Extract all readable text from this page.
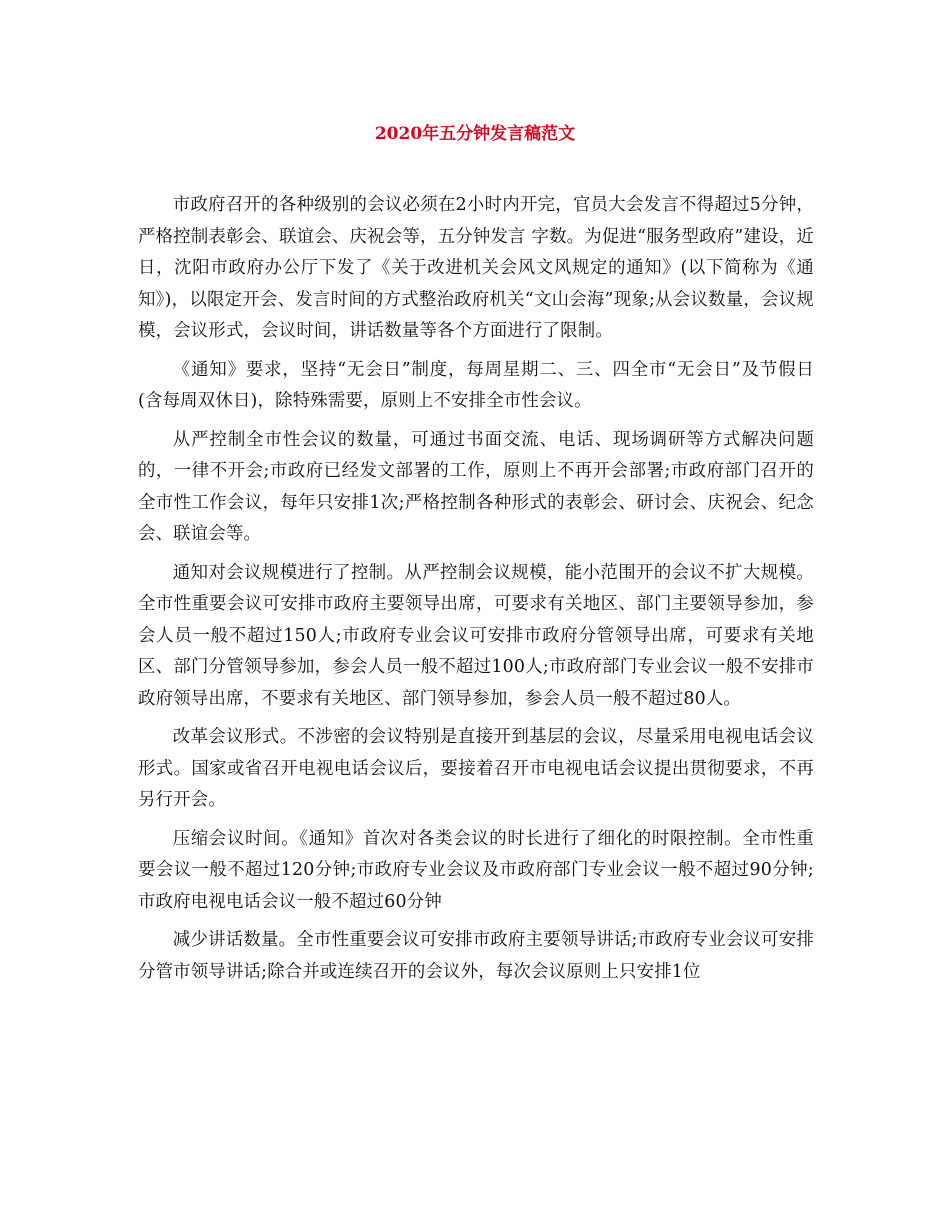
2020年五分钟发言稿范文

市政府召开的各种级别的会议必须在2小时内开完，官员大会发言不得超过5分钟，严格控制表彰会、联谊会、庆祝会等，五分钟发言 字数。为促进“服务型政府”建设，近日，沈阳市政府办公厅下发了《关于改进机关会风文风规定的通知》(以下简称为《通知》)，以限定开会、发言时间的方式整治政府机关“文山会海”现象;从会议数量，会议规模，会议形式，会议时间，讲话数量等各个方面进行了限制。

《通知》要求，坚持“无会日”制度，每周星期二、三、四全市“无会日”及节假日(含每周双休日)，除特殊需要，原则上不安排全市性会议。

从严控制全市性会议的数量，可通过书面交流、电话、现场调研等方式解决问题的，一律不开会;市政府已经发文部署的工作，原则上不再开会部署;市政府部门召开的全市性工作会议，每年只安排1次;严格控制各种形式的表彰会、研讨会、庆祝会、纪念会、联谊会等。

通知对会议规模进行了控制。从严控制会议规模，能小范围开的会议不扩大规模。全市性重要会议可安排市政府主要领导出席，可要求有关地区、部门主要领导参加，参会人员一般不超过150人;市政府专业会议可安排市政府分管领导出席，可要求有关地区、部门分管领导参加，参会人员一般不超过100人;市政府部门专业会议一般不安排市政府领导出席，不要求有关地区、部门领导参加，参会人员一般不超过80人。

改革会议形式。不涉密的会议特别是直接开到基层的会议，尽量采用电视电话会议形式。国家或省召开电视电话会议后，要接着召开市电视电话会议提出贯彻要求，不再另行开会。

压缩会议时间。《通知》首次对各类会议的时长进行了细化的时限控制。全市性重要会议一般不超过120分钟;市政府专业会议及市政府部门专业会议一般不超过90分钟;市政府电视电话会议一般不超过60分钟

减少讲话数量。全市性重要会议可安排市政府主要领导讲话;市政府专业会议可安排分管市领导讲话;除合并或连续召开的会议外，每次会议原则上只安排1位
